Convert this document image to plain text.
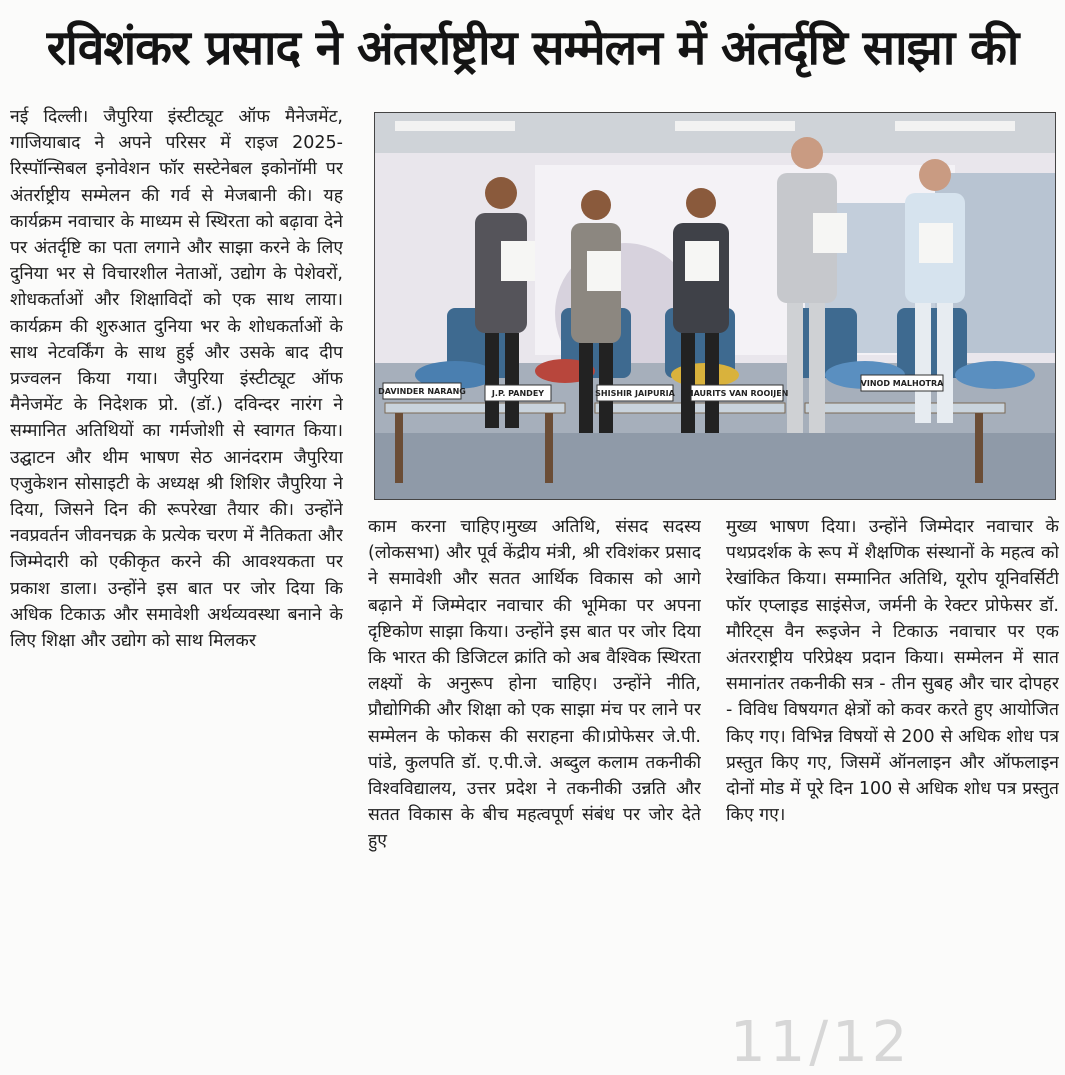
रविशंकर प्रसाद ने अंतर्राष्ट्रीय सम्मेलन में अंतर्दृष्टि साझा की

नई दिल्ली। जैपुरिया इंस्टीट्यूट ऑफ मैनेजमेंट, गाजियाबाद ने अपने परिसर में राइज 2025- रिस्पॉन्सिबल इनोवेशन फॉर सस्टेनेबल इकोनॉमी पर अंतर्राष्ट्रीय सम्मेलन की गर्व से मेजबानी की। यह कार्यक्रम नवाचार के माध्यम से स्थिरता को बढ़ावा देने पर अंतर्दृष्टि का पता लगाने और साझा करने के लिए दुनिया भर से विचारशील नेताओं, उद्योग के पेशेवरों, शोधकर्ताओं और शिक्षाविदों को एक साथ लाया। कार्यक्रम की शुरुआत दुनिया भर के शोधकर्ताओं के साथ नेटवर्किंग के साथ हुई और उसके बाद दीप प्रज्वलन किया गया। जैपुरिया इंस्टीट्यूट ऑफ मैनेजमेंट के निदेशक प्रो. (डॉ.) दविन्दर नारंग ने सम्मानित अतिथियों का गर्मजोशी से स्वागत किया।उद्घाटन और थीम भाषण सेठ आनंदराम जैपुरिया एजुकेशन सोसाइटी के अध्यक्ष श्री शिशिर जैपुरिया ने दिया, जिसने दिन की रूपरेखा तैयार की। उन्होंने नवप्रवर्तन जीवनचक्र के प्रत्येक चरण में नैतिकता और जिम्मेदारी को एकीकृत करने की आवश्यकता पर प्रकाश डाला। उन्होंने इस बात पर जोर दिया कि अधिक टिकाऊ और समावेशी अर्थव्यवस्था बनाने के लिए शिक्षा और उद्योग को साथ मिलकर

DAVINDER NARANG	J.P. PANDEY	SHISHIR JAIPURIA MAURITS VAN ROOIJEN
VINOD MALHOTRA

काम करना चाहिए।मुख्य अतिथि, संसद सदस्य (लोकसभा) और पूर्व केंद्रीय मंत्री, श्री रविशंकर प्रसाद ने समावेशी और सतत आर्थिक विकास को आगे बढ़ाने में जिम्मेदार नवाचार की भूमिका पर अपना दृष्टिकोण साझा किया। उन्होंने इस बात पर जोर दिया कि भारत की डिजिटल क्रांति को अब वैश्विक स्थिरता लक्ष्यों के अनुरूप होना चाहिए। उन्होंने नीति, प्रौद्योगिकी और शिक्षा को एक साझा मंच पर लाने पर सम्मेलन के फोकस की सराहना की।प्रोफेसर जे.पी. पांडे, कुलपति डॉ. ए.पी.जे. अब्दुल कलाम तकनीकी विश्वविद्यालय, उत्तर प्रदेश ने तकनीकी उन्नति और सतत विकास के बीच महत्वपूर्ण संबंध पर जोर देते हुए

मुख्य भाषण दिया। उन्होंने जिम्मेदार नवाचार के पथप्रदर्शक के रूप में शैक्षणिक संस्थानों के महत्व को रेखांकित किया। सम्मानित अतिथि, यूरोप यूनिवर्सिटी फॉर एप्लाइड साइंसेज, जर्मनी के रेक्टर प्रोफेसर डॉ. मौरिट्स वैन रूइजेन ने टिकाऊ नवाचार पर एक अंतरराष्ट्रीय परिप्रेक्ष्य प्रदान किया। सम्मेलन में सात समानांतर तकनीकी सत्र - तीन सुबह और चार दोपहर - विविध विषयगत क्षेत्रों को कवर करते हुए आयोजित किए गए। विभिन्न विषयों से 200 से अधिक शोध पत्र प्रस्तुत किए गए, जिसमें ऑनलाइन और ऑफलाइन दोनों मोड में पूरे दिन 100 से अधिक शोध पत्र प्रस्तुत किए गए।

11/12
